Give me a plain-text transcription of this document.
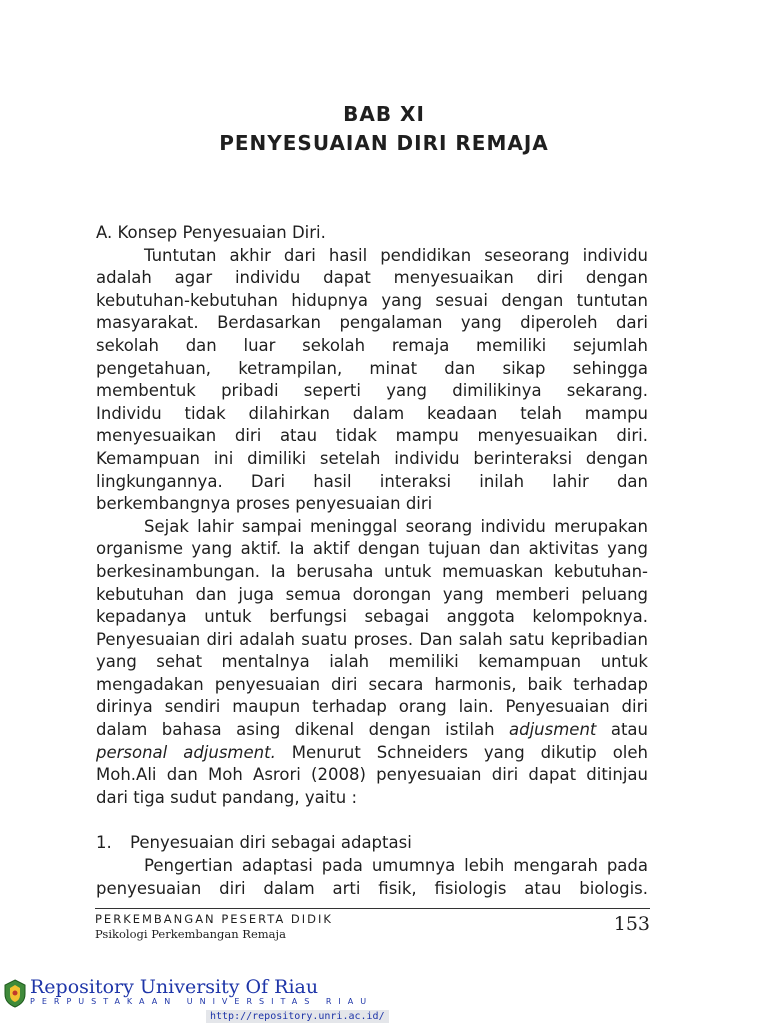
BAB XI
PENYESUAIAN DIRI REMAJA

A. Konsep Penyesuaian Diri.

Tuntutan akhir dari hasil pendidikan seseorang individu

adalah agar individu dapat menyesuaikan diri dengan

kebutuhan-kebutuhan hidupnya yang sesuai dengan tuntutan

masyarakat. Berdasarkan pengalaman yang diperoleh dari

sekolah dan luar sekolah remaja memiliki sejumlah

pengetahuan, ketrampilan, minat dan sikap sehingga

membentuk pribadi seperti yang dimilikinya sekarang.

Individu tidak dilahirkan dalam keadaan telah mampu

menyesuaikan diri atau tidak mampu menyesuaikan diri.

Kemampuan ini dimiliki setelah individu berinteraksi dengan

lingkungannya. Dari hasil interaksi inilah lahir dan

berkembangnya proses penyesuaian diri

Sejak lahir sampai meninggal seorang individu merupakan

organisme yang aktif. Ia aktif dengan tujuan dan aktivitas yang

berkesinambungan. Ia berusaha untuk memuaskan kebutuhan-

kebutuhan dan juga semua dorongan yang memberi peluang

kepadanya untuk berfungsi sebagai anggota kelompoknya.

Penyesuaian diri adalah suatu proses. Dan salah satu kepribadian

yang sehat mentalnya ialah memiliki kemampuan untuk

mengadakan penyesuaian diri secara harmonis, baik terhadap

dirinya sendiri maupun terhadap orang lain. Penyesuaian diri

dalam bahasa asing dikenal dengan istilah adjusment atau

personal adjusment. Menurut Schneiders yang dikutip oleh

Moh.Ali dan Moh Asrori (2008) penyesuaian diri dapat ditinjau

dari tiga sudut pandang, yaitu :

1.	Penyesuaian diri sebagai adaptasi

Pengertian adaptasi pada umumnya lebih mengarah pada

penyesuaian diri dalam arti fisik, fisiologis atau biologis.

PERKEMBANGAN PESERTA DIDIK
Psikologi Perkembangan Remaja	153
Repository University Of Riau
PERPUSTAKAAN UNIVERSITAS RIAU
http://repository.unri.ac.id/
